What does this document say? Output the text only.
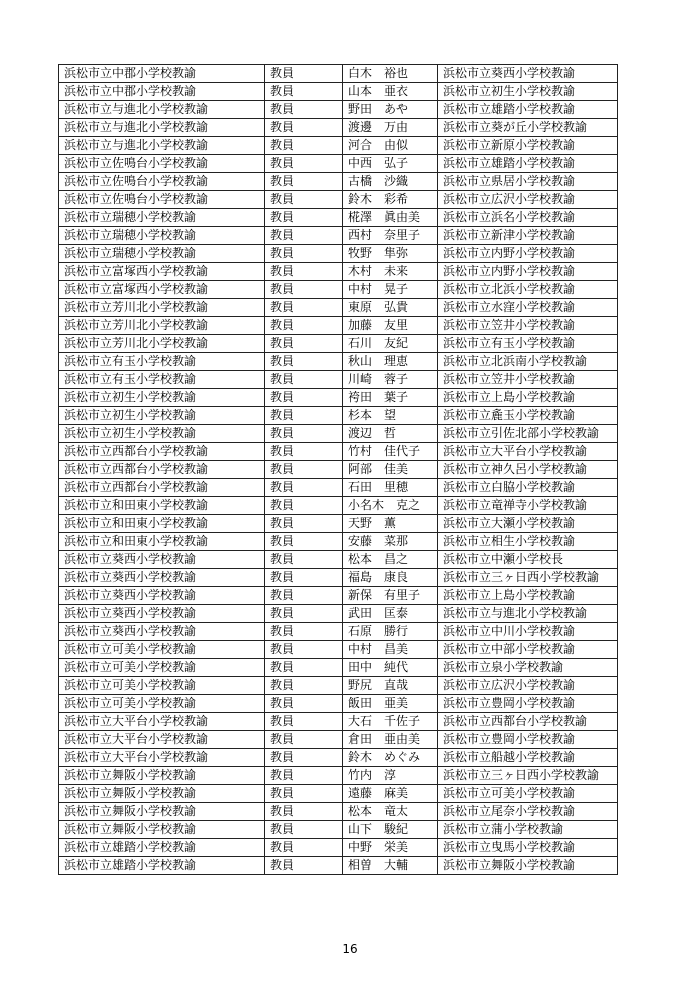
浜松市立中郡小学校教諭	教員	白木 裕也	浜松市立葵西小学校教諭
浜松市立中郡小学校教諭	教員	山本 亜衣	浜松市立初生小学校教諭
浜松市立与進北小学校教諭	教員	野田 あや	浜松市立雄踏小学校教諭
浜松市立与進北小学校教諭	教員	渡邊 万由	浜松市立葵が丘小学校教諭
浜松市立与進北小学校教諭	教員	河合 由似	浜松市立新原小学校教諭
浜松市立佐鳴台小学校教諭	教員	中西 弘子	浜松市立雄踏小学校教諭
浜松市立佐鳴台小学校教諭	教員	古橋 沙織	浜松市立県居小学校教諭
浜松市立佐鳴台小学校教諭	教員	鈴木 彩希	浜松市立広沢小学校教諭
浜松市立瑞穂小学校教諭	教員	椛澤 眞由美	浜松市立浜名小学校教諭
浜松市立瑞穂小学校教諭	教員	西村 奈里子	浜松市立新津小学校教諭
浜松市立瑞穂小学校教諭	教員	牧野 隼弥	浜松市立内野小学校教諭
浜松市立富塚西小学校教諭	教員	木村 未来	浜松市立内野小学校教諭
浜松市立富塚西小学校教諭	教員	中村 晃子	浜松市立北浜小学校教諭
浜松市立芳川北小学校教諭	教員	東原 弘貴	浜松市立水窪小学校教諭
浜松市立芳川北小学校教諭	教員	加藤 友里	浜松市立笠井小学校教諭
浜松市立芳川北小学校教諭	教員	石川 友紀	浜松市立有玉小学校教諭
浜松市立有玉小学校教諭	教員	秋山 理恵	浜松市立北浜南小学校教諭
浜松市立有玉小学校教諭	教員	川崎 蓉子	浜松市立笠井小学校教諭
浜松市立初生小学校教諭	教員	袴田 葉子	浜松市立上島小学校教諭
浜松市立初生小学校教諭	教員	杉本 望	浜松市立麁玉小学校教諭
浜松市立初生小学校教諭	教員	渡辺 哲	浜松市立引佐北部小学校教諭
浜松市立西都台小学校教諭	教員	竹村 佳代子	浜松市立大平台小学校教諭
浜松市立西都台小学校教諭	教員	阿部 佳美	浜松市立神久呂小学校教諭
浜松市立西都台小学校教諭	教員	石田 里穂	浜松市立白脇小学校教諭
浜松市立和田東小学校教諭	教員	小名木 克之	浜松市立竜禅寺小学校教諭
浜松市立和田東小学校教諭	教員	天野 薫	浜松市立大瀬小学校教諭
浜松市立和田東小学校教諭	教員	安藤 菜那	浜松市立相生小学校教諭
浜松市立葵西小学校教諭	教員	松本 昌之	浜松市立中瀬小学校長
浜松市立葵西小学校教諭	教員	福島 康良	浜松市立三ヶ日西小学校教諭
浜松市立葵西小学校教諭	教員	新保 有里子	浜松市立上島小学校教諭
浜松市立葵西小学校教諭	教員	武田 匡泰	浜松市立与進北小学校教諭
浜松市立葵西小学校教諭	教員	石原 勝行	浜松市立中川小学校教諭
浜松市立可美小学校教諭	教員	中村 昌美	浜松市立中部小学校教諭
浜松市立可美小学校教諭	教員	田中 純代	浜松市立泉小学校教諭
浜松市立可美小学校教諭	教員	野尻 直哉	浜松市立広沢小学校教諭
浜松市立可美小学校教諭	教員	飯田 亜美	浜松市立豊岡小学校教諭
浜松市立大平台小学校教諭	教員	大石 千佐子	浜松市立西都台小学校教諭
浜松市立大平台小学校教諭	教員	倉田 亜由美	浜松市立豊岡小学校教諭
浜松市立大平台小学校教諭	教員	鈴木 めぐみ	浜松市立船越小学校教諭
浜松市立舞阪小学校教諭	教員	竹内 淳	浜松市立三ヶ日西小学校教諭
浜松市立舞阪小学校教諭	教員	遠藤 麻美	浜松市立可美小学校教諭
浜松市立舞阪小学校教諭	教員	松本 竜太	浜松市立尾奈小学校教諭
浜松市立舞阪小学校教諭	教員	山下 駿紀	浜松市立蒲小学校教諭
浜松市立雄踏小学校教諭	教員	中野 栄美	浜松市立曳馬小学校教諭
浜松市立雄踏小学校教諭	教員	相曽 大輔	浜松市立舞阪小学校教諭
16
